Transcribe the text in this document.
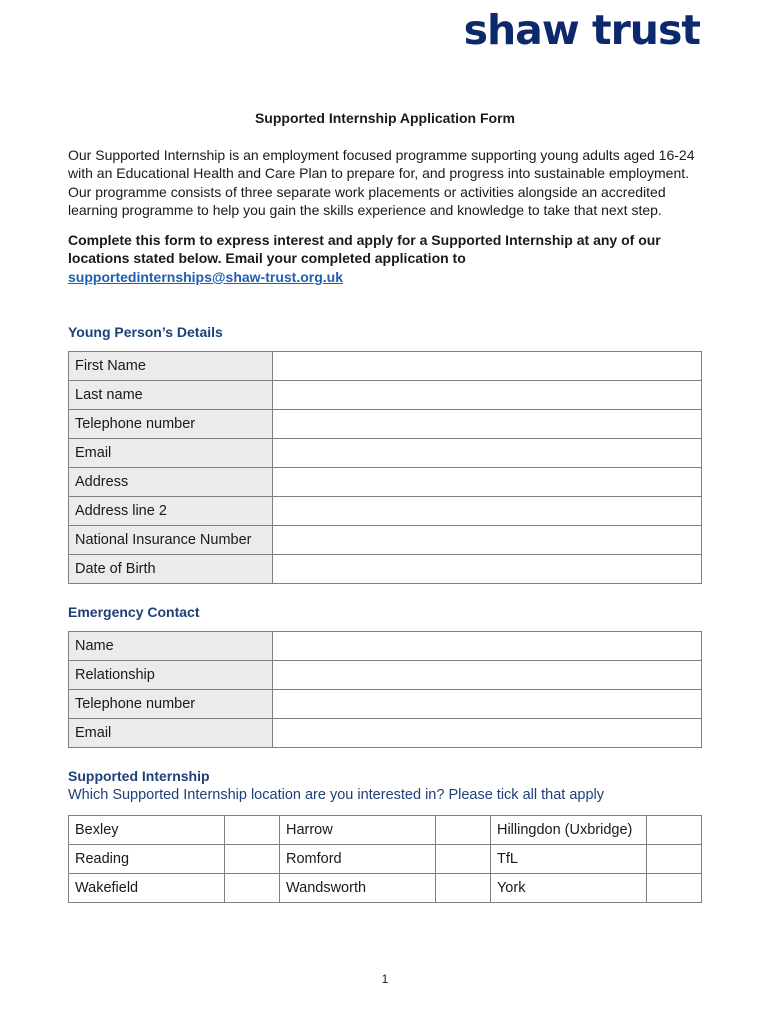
shaw trust
Supported Internship Application Form

Our Supported Internship is an employment focused programme supporting young adults aged 16-24 with an Educational Health and Care Plan to prepare for, and progress into sustainable employment. Our programme consists of three separate work placements or activities alongside an accredited learning programme to help you gain the skills experience and knowledge to take that next step.

Complete this form to express interest and apply for a Supported Internship at any of our locations stated below. Email your completed application to
supportedinternships@shaw-trust.org.uk

Young Person’s Details
First Name	
Last name	
Telephone number	
Email	
Address	
Address line 2	
National Insurance Number	
Date of Birth	
Emergency Contact
Name	
Relationship	
Telephone number	
Email	
Supported Internship
Which Supported Internship location are you interested in? Please tick all that apply
Bexley		Harrow		Hillingdon (Uxbridge)	
Reading		Romford		TfL	
Wakefield		Wandsworth		York	
1
